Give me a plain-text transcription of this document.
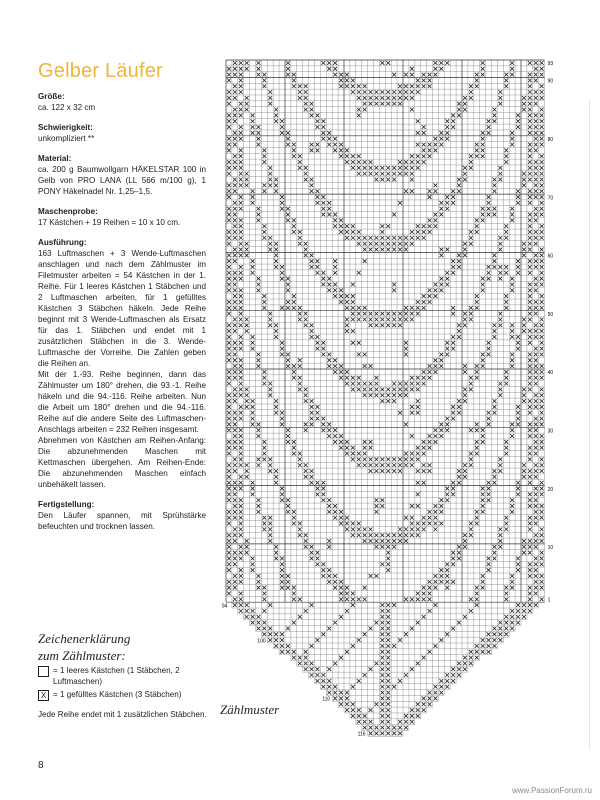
Gelber Läufer
Größe:
ca. 122 x 32 cm
Schwierigkeit:
unkompliziert **
Material:
ca. 200 g Baumwollgarn HÄKELSTAR 100 in Gelb von PRO LANA (LL 566 m/100 g), 1 PONY Häkelnadel Nr. 1,25–1,5.
Maschenprobe:
17 Kästchen + 19 Reihen = 10 x 10 cm.
Ausführung:
163 Luftmaschen + 3 Wende-Luftmaschen anschlagen und nach dem Zählmuster im Filetmuster arbeiten = 54 Kästchen in der 1. Reihe. Für 1 leeres Kästchen 1 Stäbchen und 2 Luftmaschen arbeiten, für 1 gefülltes Kästchen 3 Stäbchen häkeln. Jede Reihe beginnt mit 3 Wende-Luftmaschen als Ersatz für das 1. Stäbchen und endet mit 1 zusätzlichen Stäbchen in die 3. Wende-Luftmasche der Vorreihe. Die Zahlen geben die Reihen an.
Mit der 1.-93. Reihe beginnen, dann das Zählmuster um 180° drehen, die 93.-1. Reihe häkeln und die 94.-116. Reihe arbeiten. Nun die Arbeit um 180° drehen und die 94.-116. Reihe auf die andere Seite des Luftmaschen-Anschlags arbeiten = 232 Reihen insgesamt.
Abnehmen von Kästchen am Reihen-Anfang: Die abzunehmenden Maschen mit Kettmaschen übergehen. Am Reihen-Ende: Die abzunehmenden Maschen einfach unbehäkelt lassen.
Fertigstellung:
Den Läufer spannen, mit Sprühstärke befeuchten und trocknen lassen.
Zeichenerklärung
zum Zählmuster:
= 1 leeres Kästchen (1 Stäbchen, 2 Luftmaschen)
X = 1 gefülltes Kästchen (3 Stäbchen)
Jede Reihe endet mit 1 zusätzlichen Stäbchen. Zählmuster
93
90
80
70
60
50
40
30
20
10
1
94
100
110
116
8
www.PassionForum.ru
